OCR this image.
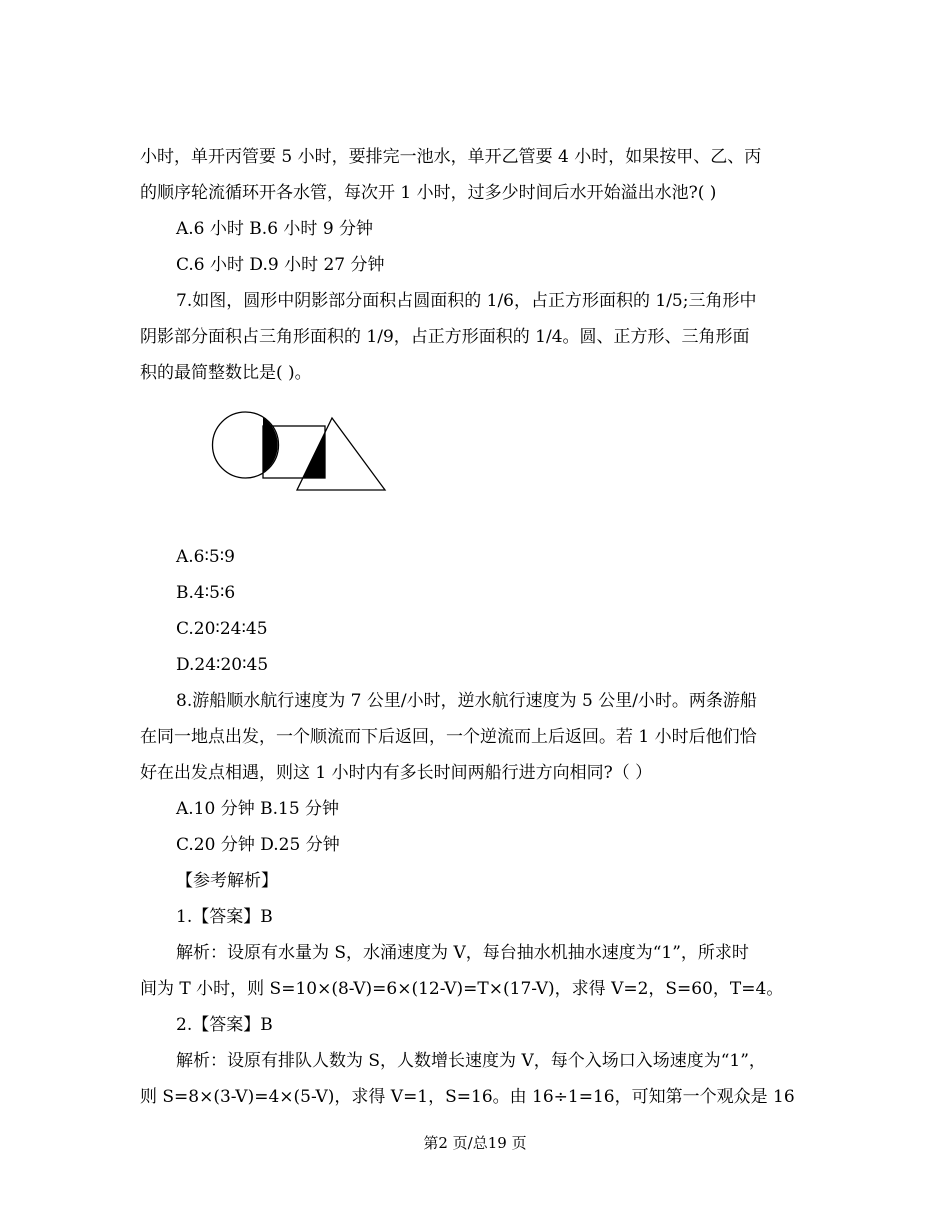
小时，单开丙管要 5 小时，要排完一池水，单开乙管要 4 小时，如果按甲、乙、丙
的顺序轮流循环开各水管，每次开 1 小时，过多少时间后水开始溢出水池?( )
A.6 小时 B.6 小时 9 分钟
C.6 小时 D.9 小时 27 分钟
7.如图，圆形中阴影部分面积占圆面积的 1/6，占正方形面积的 1/5;三角形中
阴影部分面积占三角形面积的 1/9，占正方形面积的 1/4。圆、正方形、三角形面
积的最简整数比是( )。
A.6∶5∶9
B.4∶5∶6
C.20∶24∶45
D.24∶20∶45
8.游船顺水航行速度为 7 公里/小时，逆水航行速度为 5 公里/小时。两条游船
在同一地点出发，一个顺流而下后返回，一个逆流而上后返回。若 1 小时后他们恰
好在出发点相遇，则这 1 小时内有多长时间两船行进方向相同?（ ）
A.10 分钟 B.15 分钟
C.20 分钟 D.25 分钟
【参考解析】
1.【答案】B
解析：设原有水量为 S，水涌速度为 V，每台抽水机抽水速度为“1”，所求时
间为 T 小时，则 S=10×(8-V)=6×(12-V)=T×(17-V)，求得 V=2，S=60，T=4。
2.【答案】B
解析：设原有排队人数为 S，人数增长速度为 V，每个入场口入场速度为“1”，
则 S=8×(3-V)=4×(5-V)，求得 V=1，S=16。由 16÷1=16，可知第一个观众是 16
第2 页/总19 页
